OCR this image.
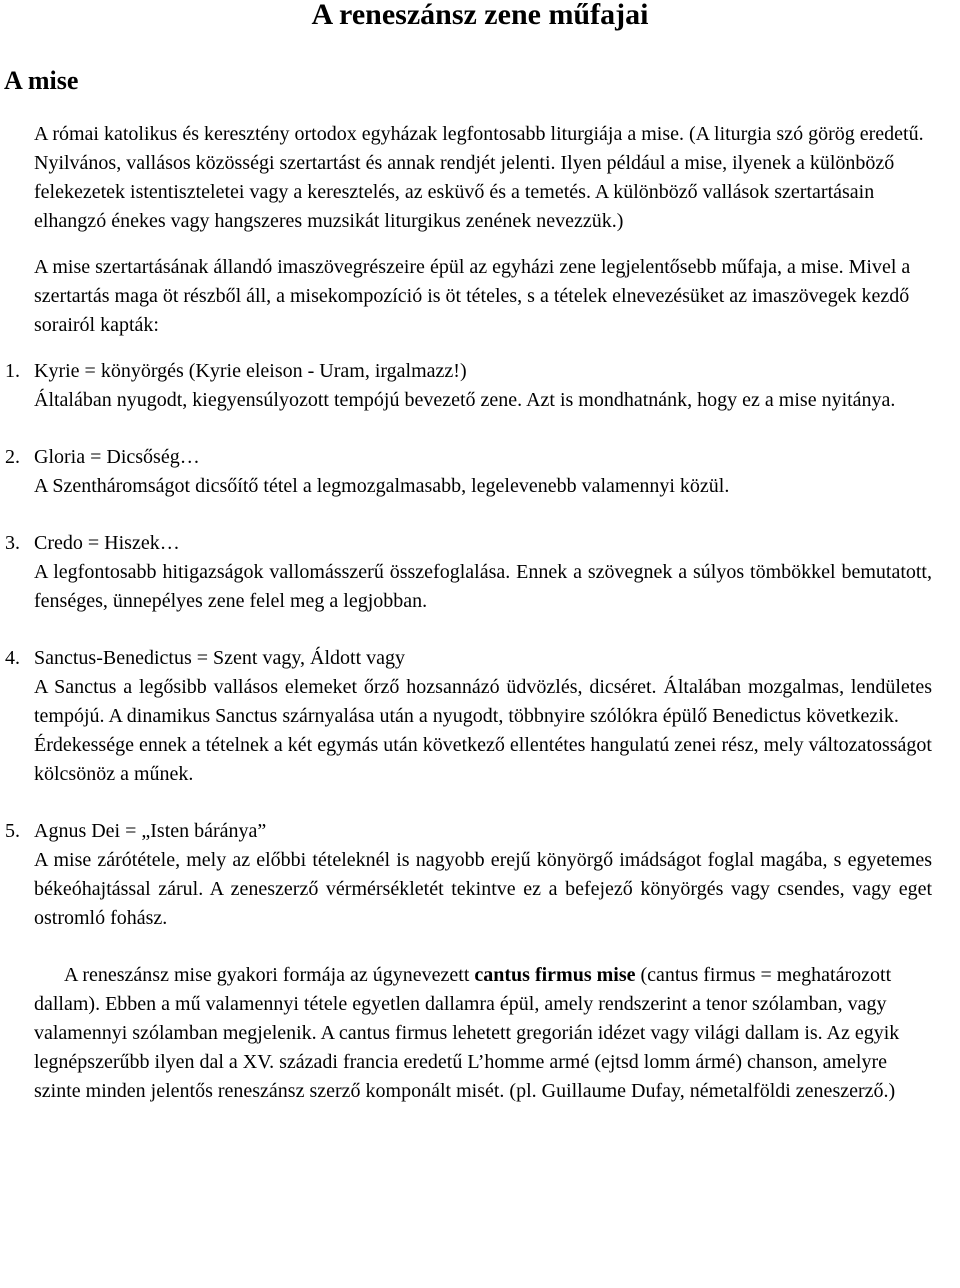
A reneszánsz zene műfajai
A mise

A római katolikus és keresztény ortodox egyházak legfontosabb liturgiája a mise. (A liturgia szó görög eredetű. Nyilvános, vallásos közösségi szertartást és annak rendjét jelenti. Ilyen például a mise, ilyenek a különböző felekezetek istentiszteletei vagy a keresztelés, az esküvő és a temetés. A különböző vallások szertartásain elhangzó énekes vagy hangszeres muzsikát liturgikus zenének nevezzük.)

A mise szertartásának állandó imaszövegrészeire épül az egyházi zene legjelentősebb műfaja, a mise. Mivel a szertartás maga öt részből áll, a misekompozíció is öt tételes, s a tételek elnevezésüket az imaszövegek kezdő sorairól kapták:

1. Kyrie = könyörgés (Kyrie eleison - Uram, irgalmazz!)

Általában nyugodt, kiegyensúlyozott tempójú bevezető zene. Azt is mondhatnánk, hogy ez a mise nyitánya.

2. Gloria = Dicsőség…

A Szentháromságot dicsőítő tétel a legmozgalmasabb, legelevenebb valamennyi közül.

3. Credo = Hiszek…

A legfontosabb hitigazságok vallomásszerű összefoglalása. Ennek a szövegnek a súlyos tömbökkel bemutatott, fenséges, ünnepélyes zene felel meg a legjobban.

4. Sanctus-Benedictus = Szent vagy, Áldott vagy

A Sanctus a legősibb vallásos elemeket őrző hozsannázó üdvözlés, dicséret. Általában mozgalmas, lendületes tempójú. A dinamikus Sanctus szárnyalása után a nyugodt, többnyire szólókra épülő Benedictus következik.

Érdekessége ennek a tételnek a két egymás után következő ellentétes hangulatú zenei rész, mely változatosságot kölcsönöz a műnek.

5. Agnus Dei = „Isten báránya”

A mise zárótétele, mely az előbbi tételeknél is nagyobb erejű könyörgő imádságot foglal magába, s egyetemes békeóhajtással zárul. A zeneszerző vérmérsékletét tekintve ez a befejező könyörgés vagy csendes, vagy eget ostromló fohász.

A reneszánsz mise gyakori formája az úgynevezett cantus firmus mise (cantus firmus = meghatározott dallam). Ebben a mű valamennyi tétele egyetlen dallamra épül, amely rendszerint a tenor szólamban, vagy valamennyi szólamban megjelenik. A cantus firmus lehetett gregorián idézet vagy világi dallam is. Az egyik legnépszerűbb ilyen dal a XV. századi francia eredetű L’homme armé (ejtsd lomm ármé) chanson, amelyre szinte minden jelentős reneszánsz szerző komponált misét. (pl. Guillaume Dufay, németalföldi zeneszerző.)
